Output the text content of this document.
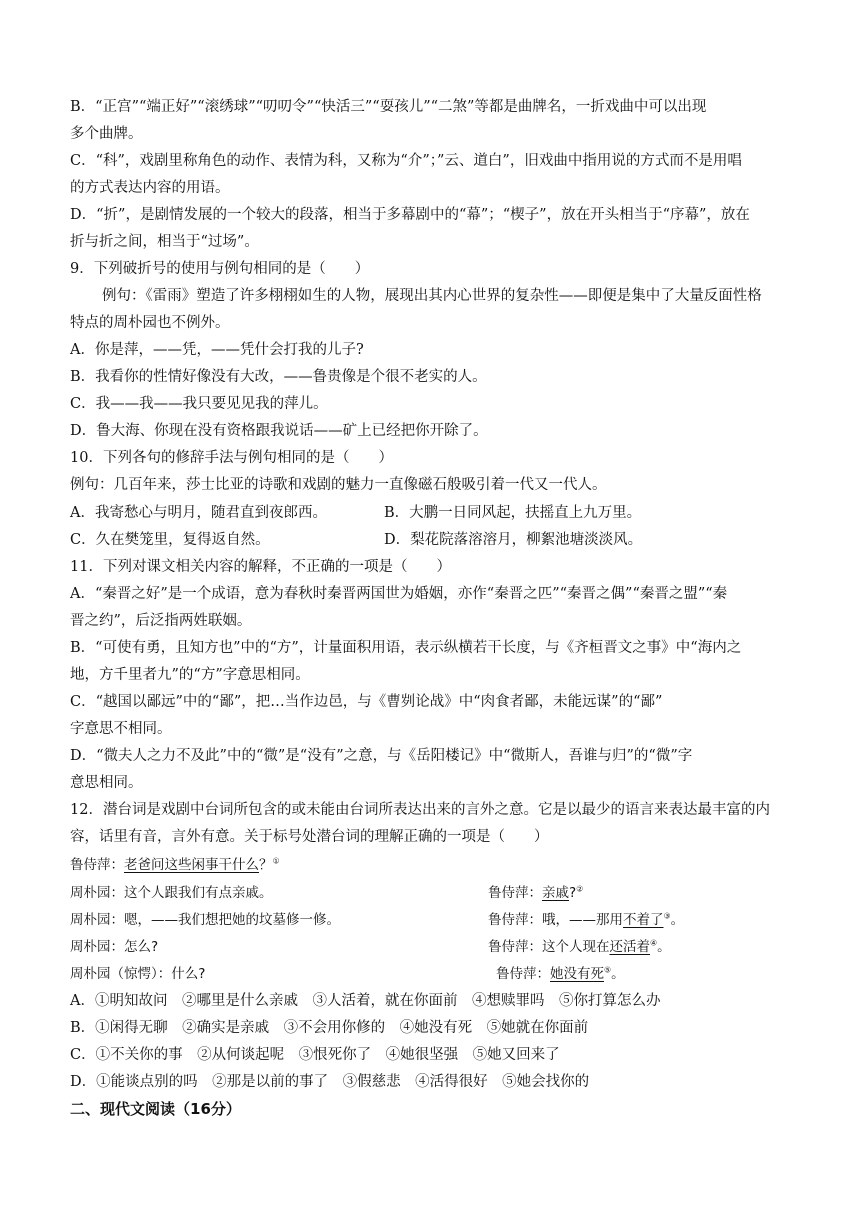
B．“正宫”“端正好”“滚绣球”“叨叨令”“快活三”“耍孩儿”“二煞”等都是曲牌名，一折戏曲中可以出现
多个曲牌。
C．“科”，戏剧里称角色的动作、表情为科，又称为“介”；”云、道白”，旧戏曲中指用说的方式而不是用唱
的方式表达内容的用语。
D．“折”，是剧情发展的一个较大的段落，相当于多幕剧中的“幕”；“楔子”，放在开头相当于“序幕”，放在
折与折之间，相当于“过场”。
9．下列破折号的使用与例句相同的是（　　）
例句：《雷雨》塑造了许多栩栩如生的人物，展现出其内心世界的复杂性——即便是集中了大量反面性格
特点的周朴园也不例外。
A．你是萍，——凭，——凭什会打我的儿子?
B．我看你的性情好像没有大改，——鲁贵像是个很不老实的人。
C．我——我——我只要见见我的萍儿。
D．鲁大海、你现在没有资格跟我说话——矿上已经把你开除了。
10．下列各句的修辞手法与例句相同的是（　　）
例句：几百年来，莎士比亚的诗歌和戏剧的魅力一直像磁石般吸引着一代又一代人。
A．我寄愁心与明月，随君直到夜郎西。	B．大鹏一日同风起，扶摇直上九万里。
C．久在樊笼里，复得返自然。	D．梨花院落溶溶月，柳絮池塘淡淡风。
11．下列对课文相关内容的解释，不正确的一项是（　　）
A．“秦晋之好”是一个成语，意为春秋时秦晋两国世为婚姻，亦作“秦晋之匹”“秦晋之偶”“秦晋之盟”“秦
晋之约”，后泛指两姓联姻。
B．“可使有勇，且知方也”中的“方”，计量面积用语，表示纵横若干长度，与《齐桓晋文之事》中“海内之
地，方千里者九”的“方”字意思相同。
C．“越国以鄙远”中的“鄙”，把…当作边邑，与《曹刿论战》中“肉食者鄙，未能远谋”的“鄙”
字意思不相同。
D．“微夫人之力不及此”中的“微”是“没有”之意，与《岳阳楼记》中“微斯人，吾谁与归”的“微”字
意思相同。
12．潜台词是戏剧中台词所包含的或未能由台词所表达出来的言外之意。它是以最少的语言来表达最丰富的内
容，话里有音，言外有意。关于标号处潜台词的理解正确的一项是（　　）
鲁侍萍：老爸问这些闲事干什么？①
周朴园：这个人跟我们有点亲戚。	鲁侍萍：亲戚?②
周朴园：嗯，——我们想把她的坟墓修一修。	鲁侍萍：哦，——那用不着了③。
周朴园：怎么?	鲁侍萍：这个人现在还活着④。
周朴园（惊愕）：什么?	鲁侍萍：她没有死⑤。
A．①明知故问　②哪里是什么亲戚　③人活着，就在你面前　④想赎罪吗　⑤你打算怎么办
B．①闲得无聊　②确实是亲戚　③不会用你修的　④她没有死　⑤她就在你面前
C．①不关你的事　②从何谈起呢　③恨死你了　④她很坚强　⑤她又回来了
D．①能谈点别的吗　②那是以前的事了　③假慈悲　④活得很好　⑤她会找你的
二、现代文阅读（16分）
